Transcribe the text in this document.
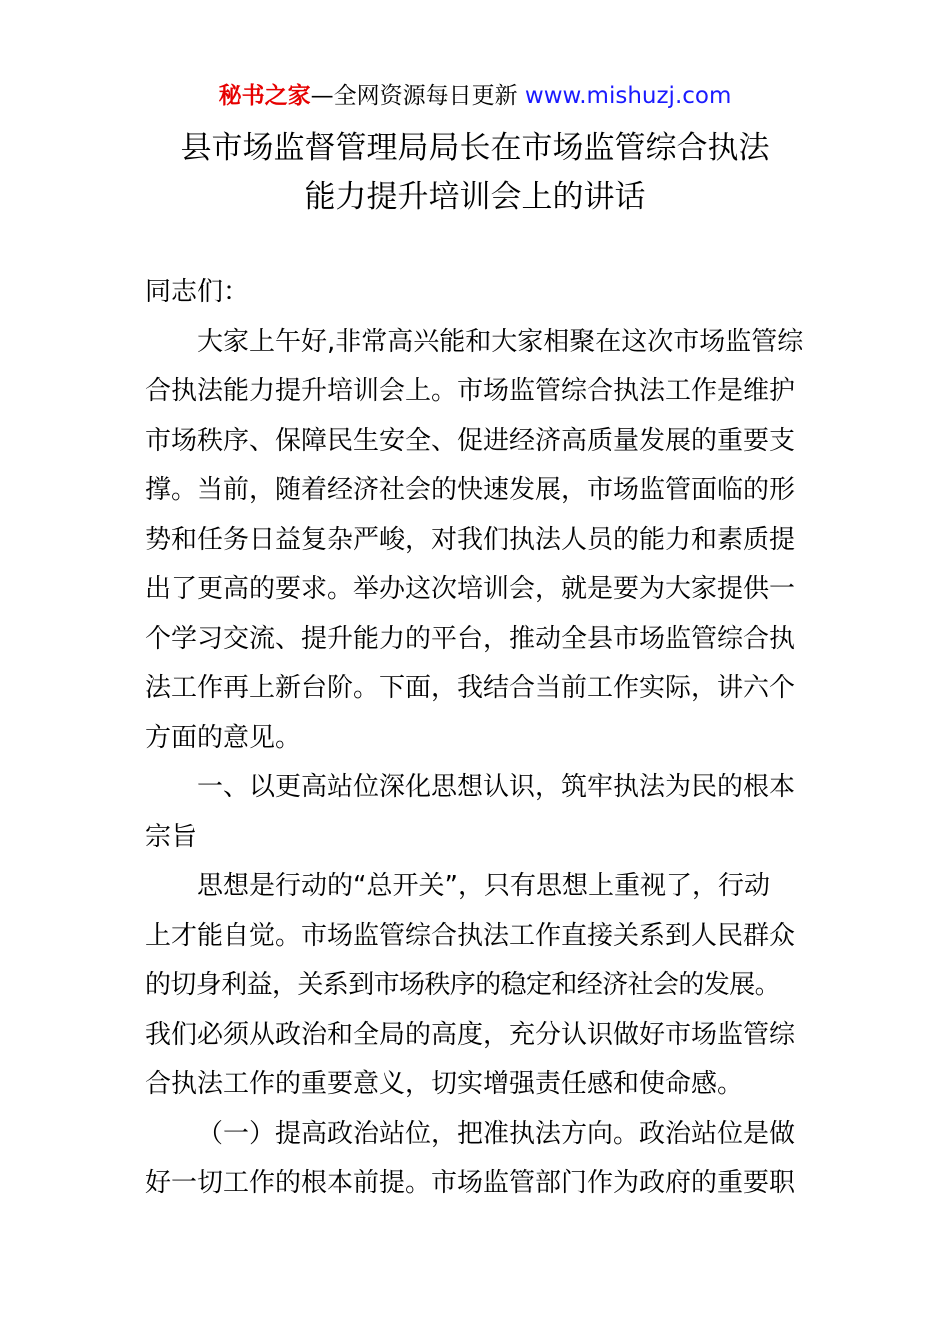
秘书之家—全网资源每日更新 www.mishuzj.com
县市场监督管理局局长在市场监管综合执法
能力提升培训会上的讲话
同志们：
大家上午好,非常高兴能和大家相聚在这次市场监管综
合执法能力提升培训会上。市场监管综合执法工作是维护
市场秩序、保障民生安全、促进经济高质量发展的重要支
撑。当前，随着经济社会的快速发展，市场监管面临的形
势和任务日益复杂严峻，对我们执法人员的能力和素质提
出了更高的要求。举办这次培训会，就是要为大家提供一
个学习交流、提升能力的平台，推动全县市场监管综合执
法工作再上新台阶。下面，我结合当前工作实际，讲六个
方面的意见。
一、以更高站位深化思想认识，筑牢执法为民的根本
宗旨
思想是行动的“总开关”，只有思想上重视了，行动
上才能自觉。市场监管综合执法工作直接关系到人民群众
的切身利益，关系到市场秩序的稳定和经济社会的发展。
我们必须从政治和全局的高度，充分认识做好市场监管综
合执法工作的重要意义，切实增强责任感和使命感。
（一）提高政治站位，把准执法方向。政治站位是做
好一切工作的根本前提。市场监管部门作为政府的重要职
